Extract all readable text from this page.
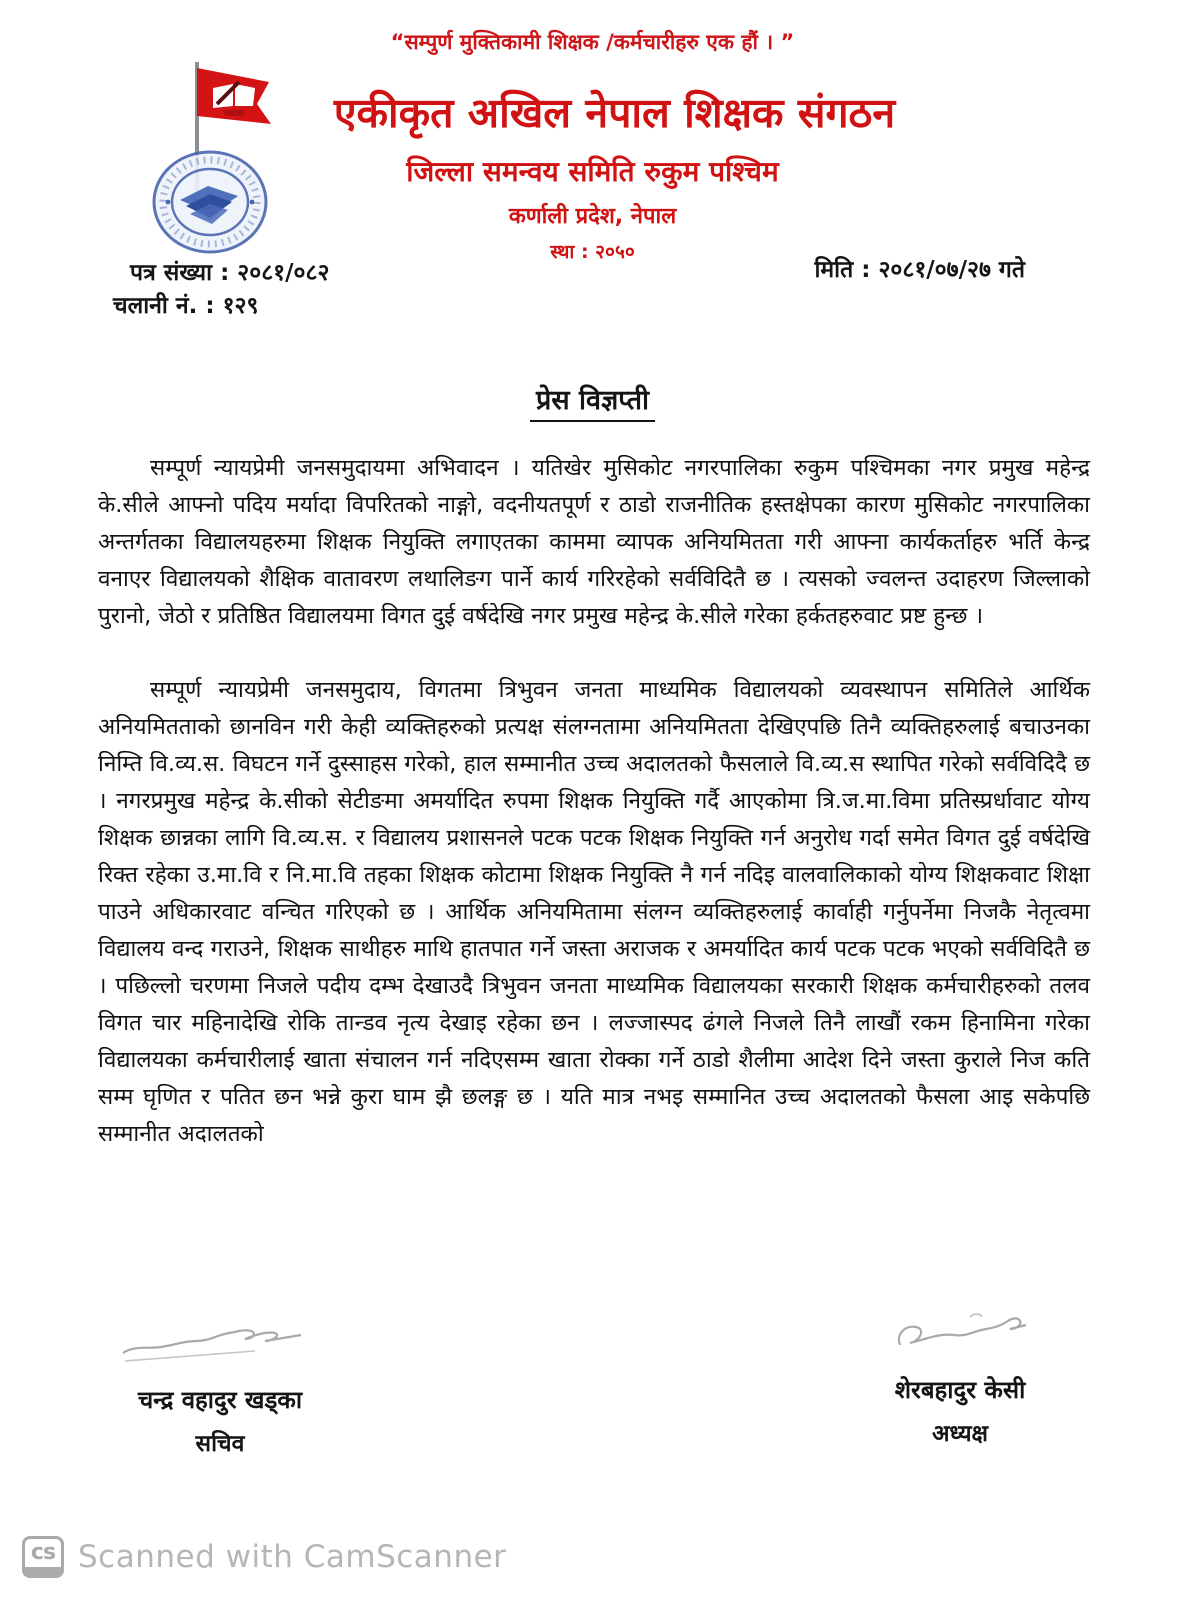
“सम्पुर्ण मुक्तिकामी शिक्षक /कर्मचारीहरु एक हौं । ”
एकीकृत अखिल नेपाल शिक्षक संगठन
जिल्ला समन्वय समिति रुकुम पश्चिम
कर्णाली प्रदेश, नेपाल
स्था : २०५०
पत्र संख्या : २०८१/०८२	मिति : २०८१/०७/२७ गते
चलानी नं. : १२९
प्रेस विज्ञप्ती

सम्पूर्ण न्यायप्रेमी जनसमुदायमा अभिवादन । यतिखेर मुसिकोट नगरपालिका रुकुम पश्चिमका नगर प्रमुख महेन्द्र के.सीले आफ्नो पदिय मर्यादा विपरितको नाङ्गो, वदनीयतपूर्ण र ठाडो राजनीतिक हस्तक्षेपका कारण मुसिकोट नगरपालिका अन्तर्गतका विद्यालयहरुमा शिक्षक नियुक्ति लगाएतका काममा व्यापक अनियमितता गरी आफ्ना कार्यकर्ताहरु भर्ति केन्द्र वनाएर विद्यालयको शैक्षिक वातावरण लथालिङग पार्ने कार्य गरिरहेको सर्वविदितै छ । त्यसको ज्वलन्त उदाहरण जिल्लाको पुरानो, जेठो र प्रतिष्ठित विद्यालयमा विगत दुई वर्षदेखि नगर प्रमुख महेन्द्र के.सीले गरेका हर्कतहरुवाट प्रष्ट हुन्छ ।

सम्पूर्ण न्यायप्रेमी जनसमुदाय, विगतमा त्रिभुवन जनता माध्यमिक विद्यालयको व्यवस्थापन समितिले आर्थिक अनियमितताको छानविन गरी केही व्यक्तिहरुको प्रत्यक्ष संलग्नतामा अनियमितता देखिएपछि तिनै व्यक्तिहरुलाई बचाउनका निम्ति वि.व्य.स. विघटन गर्ने दुस्साहस गरेको, हाल सम्मानीत उच्च अदालतको फैसलाले वि.व्य.स स्थापित गरेको सर्वविदिदै छ । नगरप्रमुख महेन्द्र के.सीको सेटीङमा अमर्यादित रुपमा शिक्षक नियुक्ति गर्दै आएकोमा त्रि.ज.मा.विमा प्रतिस्प्रर्धावाट योग्य शिक्षक छान्नका लागि वि.व्य.स. र विद्यालय प्रशासनले पटक पटक शिक्षक नियुक्ति गर्न अनुरोध गर्दा समेत विगत दुई वर्षदेखि रिक्त रहेका उ.मा.वि र नि.मा.वि तहका शिक्षक कोटामा शिक्षक नियुक्ति नै गर्न नदिइ वालवालिकाको योग्य शिक्षकवाट शिक्षा पाउने अधिकारवाट वन्चित गरिएको छ । आर्थिक अनियमितामा संलग्न व्यक्तिहरुलाई कार्वाही गर्नुपर्नेमा निजकै नेतृत्वमा विद्यालय वन्द गराउने, शिक्षक साथीहरु माथि हातपात गर्ने जस्ता अराजक र अमर्यादित कार्य पटक पटक भएको सर्वविदितै छ । पछिल्लो चरणमा निजले पदीय दम्भ देखाउदै त्रिभुवन जनता माध्यमिक विद्यालयका सरकारी शिक्षक कर्मचारीहरुको तलव विगत चार महिनादेखि रोकि तान्डव नृत्य देखाइ रहेका छन । लज्जास्पद ढंगले निजले तिनै लाखौं रकम हिनामिना गरेका विद्यालयका कर्मचारीलाई खाता संचालन गर्न नदिएसम्म खाता रोक्का गर्ने ठाडो शैलीमा आदेश दिने जस्ता कुराले निज कति सम्म घृणित र पतित छन भन्ने कुरा घाम झै छलङ्ग छ । यति मात्र नभइ सम्मानित उच्च अदालतको फैसला आइ सकेपछि सम्मानीत अदालतको

चन्द्र वहादुर खड्का
सचिव
शेरबहादुर केसी
अध्यक्ष
cs Scanned with CamScanner
